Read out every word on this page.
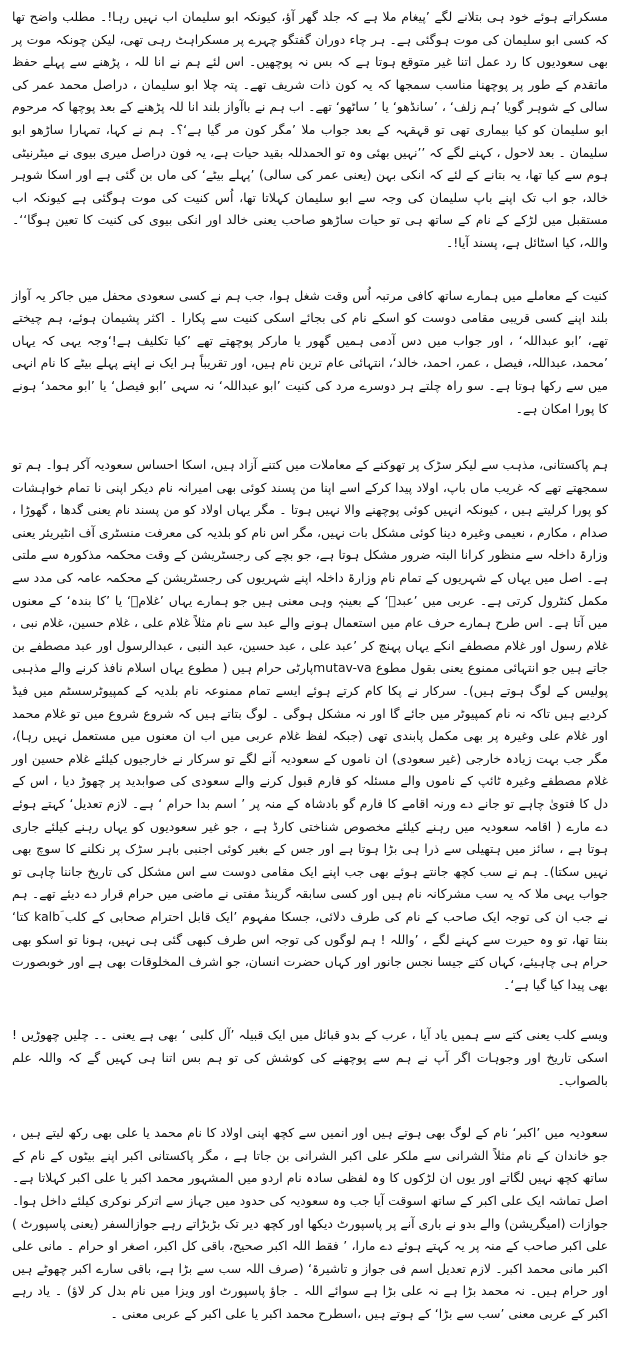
مسکراتے ہوئے خود ہی بتلانے لگے ’پیغام ملا ہے کہ جلد گھر آؤ، کیونکہ ابو سلیمان اب نہیں رہا!۔ مطلب واضح تھا کہ کسی ابو سلیمان کی موت ہوگئی ہے۔ ہر چاء دوران گفتگو چہرے پر مسکراہٹ رہی تھی، لیکن چونکہ موت پر بھی سعودیوں کا رد عمل اتنا غیر متوقع ہوتا ہے کہ بس نہ پوچھیں۔ اس لئے ہم نے انا للہ ، پڑھنے سے پہلے حفظ ماتقدم کے طور پر پوچھنا مناسب سمجھا کہ یہ کون ذات شریف تھے۔ پتہ چلا ابو سلیمان ، دراصل محمد عمر کی سالی کے شوہر گویا ’ہم زلف‘ ، ’سانڈھو‘ یا ’ ساٹھو‘ تھے۔ اب ہم نے باآواز بلند انا للہ پڑھنے کے بعد پوچھا کہ مرحوم ابو سلیمان کو کیا بیماری تھی تو قہقہہ کے بعد جواب ملا ’مگر کون مر گیا ہے‘؟۔ ہم نے کہا، تمہارا ساڑھو ابو سلیمان ۔ بعد لاحول ، کہنے لگے کہ ’’نہیں بھئی وہ تو الحمدللہ بقید حیات ہے، یہ فون دراصل میری بیوی نے میٹرنیٹی ہوم سے کیا تھا، یہ بتانے کے لئے کہ انکی بہن (یعنی عمر کی سالی) ’پہلے بیٹے‘ کی ماں بن گئی ہے اور اسکا شوہر خالد، جو اب تک اپنے باپ سلیمان کی وجہ سے ابو سلیمان کہلاتا تھا، اُس کنیت کی موت ہوگئی ہے کیونکہ اب مستقبل میں لڑکے کے نام کے ساتھ ہی تو حیات ساڑھو صاحب یعنی خالد اور انکی بیوی کی کنیت کا تعین ہوگا‘‘۔واللہ، کیا اسٹائل ہے، پسند آیا!۔

کنیت کے معاملے میں ہمارے ساتھ کافی مرتبہ اُس وقت شغل ہوا، جب ہم نے کسی سعودی محفل میں جاکر یہ آواز بلند اپنے کسی قریبی مقامی دوست کو اسکے نام کی بجائے اسکی کنیت سے پکارا ۔ اکثر پشیمان ہوئے، ہم چیختے تھے، ’ابو عبداللہ‘ ، اور جواب میں دس آدمی ہمیں گھور یا مارکر پوچھتے تھے ’کیا تکلیف ہے!‘وجہ یہی کہ یہاں ’محمد، عبداللہ، فیصل ، عمر، احمد، خالد‘، انتہائی عام ترین نام ہیں، اور تقریباً ہر ایک نے اپنے پہلے بیٹے کا نام انہی میں سے رکھا ہوتا ہے۔ سو راہ چلتے ہر دوسرے مرد کی کنیت ’ابو عبداللہ‘ نہ سہی ’ابو فیصل‘ یا ’ابو محمد‘ ہونے کا پورا امکان ہے۔

ہم پاکستانی، مذہب سے لیکر سڑک پر تھوکنے کے معاملات میں کتنے آزاد ہیں، اسکا احساس سعودیہ آکر ہوا۔ ہم تو سمجھتے تھے کہ غریب ماں باپ، اولاد پیدا کرکے اسے اپنا من پسند کوئی بھی امیرانہ نام دیکر اپنی نا تمام خواہشات کو پورا کرلیتے ہیں ، کیونکہ انہیں کوئی پوچھنے والا نہیں ہوتا ۔ مگر یہاں اولاد کو من پسند نام یعنی گدھا ، گھوڑا ، صدام ، مکارم ، نعیمی وغیرہ دینا کوئی مشکل بات نہیں، مگر اس نام کو بلدیہ کی معرفت منسٹری آف انٹیریئر یعنی وزارۃ داخلہ سے منظور کرانا البتہ ضرور مشکل ہوتا ہے، جو بچے کی رجسٹریشن کے وقت محکمہ مذکورہ سے ملتی ہے۔ اصل میں یہاں کے شہریوں کے تمام نام وزارۃ داخلہ اپنے شہریوں کی رجسٹریشن کے محکمہ عامہ کی مدد سے مکمل کنٹرول کرتی ہے۔ عربی میں ’عبدؔ‘ کے بعینہٖ وہی معنی ہیں جو ہمارے یہاں ’غلامؔ‘ یا ’کا بندہ‘ کے معنوں میں آتا ہے۔ اس طرح ہمارے حرف عام میں استعمال ہونے والے عبد سے نام مثلاً غلام علی ، غلام حسین، غلام نبی ، غلام رسول اور غلام مصطفے انکے یہاں پہنچ کر ’عبد علی ، عبد حسین، عبد النبی ، عبدالرسول اور عبد مصطفے بن جاتے ہیں جو انتہائی ممنوع یعنی بقول مطوع mutav-vaپارٹی حرام ہیں ( مطوع یہاں اسلام نافذ کرنے والے مذہبی پولیس کے لوگ ہوتے ہیں)۔ سرکار نے پکا کام کرتے ہوئے ایسے تمام ممنوعہ نام بلدیہ کے کمپیوٹرسسٹم میں فیڈ کردیے ہیں تاکہ نہ نام کمپیوٹر میں جائے گا اور نہ مشکل ہوگی ۔ لوگ بتاتے ہیں کہ شروع شروع میں تو غلام محمد اور غلام علی وغیرہ پر بھی مکمل پابندی تھی (جبکہ لفظ غلام عربی میں اب ان معنوں میں مستعمل نہیں رہا)، مگر جب بہت زیادہ خارجی (غیر سعودی) ان ناموں کے سعودیہ آنے لگے تو سرکار نے خارجیوں کیلئے غلام حسین اور غلام مصطفے وغیرہ ٹائپ کے ناموں والے مسئلہ کو فارم قبول کرنے والے سعودی کی صوابدید پر چھوڑ دیا ، اس کے دل کا فتویٰ چاہے تو جانے دے ورنہ اقامے کا فارم گو بادشاہ کے منہ پر ’ اسم بدا حرام ‘ ہے۔ لازم تعدیل‘ کہتے ہوئے دے مارے ( اقامہ سعودیہ میں رہنے کیلئے مخصوص شناختی کارڈ ہے ، جو غیر سعودیوں کو یہاں رہنے کیلئے جاری ہوتا ہے ، سائز میں ہتھیلی سے ذرا ہی بڑا ہوتا ہے اور جس کے بغیر کوئی اجنبی باہر سڑک پر نکلنے کا سوچ بھی نہیں سکتا)۔ ہم نے سب کچھ جانتے ہوئے بھی جب اپنے ایک مقامی دوست سے اس مشکل کی تاریخ جاننا چاہی تو جواب یہی ملا کہ یہ سب مشرکانہ نام ہیں اور کسی سابقہ گرینڈ مفتی نے ماضی میں حرام قرار دے دیئے تھے۔ ہم نے جب ان کی توجہ ایک صاحب کے نام کی طرف دلائی، جسکا مفہوم ’ایک قابل احترام صحابی کے کلب kalbؔ کتا‘ بنتا تھا، تو وہ حیرت سے کہنے لگے ، ’واللہ ! ہم لوگوں کی توجہ اس طرف کبھی گئی ہی نہیں، ہونا تو اسکو بھی حرام ہی چاہیئے، کہاں کتے جیسا نجس جانور اور کہاں حضرت انسان، جو اشرف المخلوقات بھی ہے اور خوبصورت بھی پیدا کیا گیا ہے‘۔

ویسے کلب یعنی کتے سے ہمیں یاد آیا ، عرب کے بدو قبائل میں ایک قبیلہ ’آل کلبی ‘ بھی ہے یعنی ۔۔ چلیں چھوڑیں ! اسکی تاریخ اور وجوہات اگر آپ نے ہم سے پوچھنے کی کوشش کی تو ہم بس اتنا ہی کہیں گے کہ واللہ علم بالصواب۔

سعودیہ میں ’اکبر‘ نام کے لوگ بھی ہوتے ہیں اور انمیں سے کچھ اپنی اولاد کا نام محمد یا علی بھی رکھ لیتے ہیں ، جو خاندان کے نام مثلاً الشرانی سے ملکر علی اکبر الشرانی بن جاتا ہے ، مگر پاکستانی اکبر اپنے بیٹوں کے نام کے ساتھ کچھ نہیں لگاتے اور یوں ان لڑکوں کا وہ لفظی سادہ نام اردو میں المشہور محمد اکبر یا علی اکبر کہلاتا ہے۔ اصل تماشہ ایک علی اکبر کے ساتھ اسوقت آیا جب وہ سعودیہ کی حدود میں جہاز سے اترکر نوکری کیلئے داخل ہوا۔ جوازات (امیگریشن) والے بدو نے باری آنے پر پاسپورٹ دیکھا اور کچھ دیر تک بڑبڑاتے رہے جوازالسفر (یعنی پاسپورٹ ) علی اکبر صاحب کے منہ پر یہ کہتے ہوئے دے مارا، ’ فقط اللہ اکبر صحیح، باقی کل اکبر، اصغر او حرام ۔ مانی علی اکبر مانی محمد اکبر۔ لازم تعدیل اسم فی جواز و تاشیرۃ‘ (صرف اللہ سب سے بڑا ہے، باقی سارے اکبر چھوٹے ہیں اور حرام ہیں۔ نہ محمد بڑا ہے نہ علی بڑا ہے سوائے اللہ ۔ جاؤ پاسپورٹ اور ویزا میں نام بدل کر لاؤ) ۔ یاد رہے اکبر کے عربی معنی ’سب سے بڑا‘ کے ہوتے ہیں ،اسطرح محمد اکبر یا علی اکبر کے عربی معنی ۔
